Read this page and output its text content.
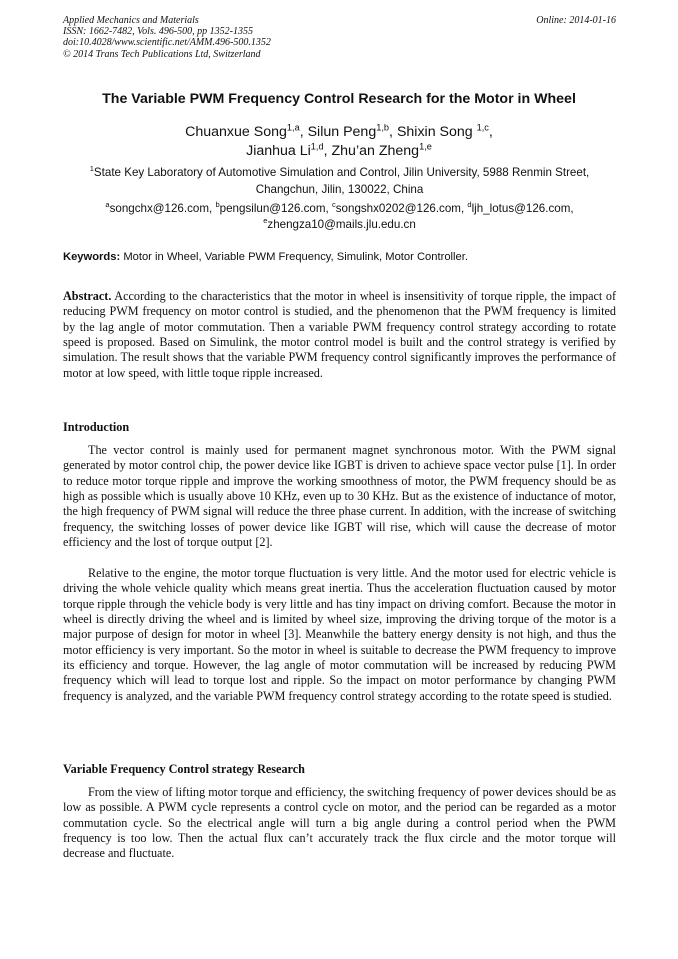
Applied Mechanics and Materials
ISSN: 1662-7482, Vols. 496-500, pp 1352-1355
doi:10.4028/www.scientific.net/AMM.496-500.1352
© 2014 Trans Tech Publications Ltd, Switzerland
Online: 2014-01-16
The Variable PWM Frequency Control Research for the Motor in Wheel
Chuanxue Song$^{1,a}$, Silun Peng$^{1,b}$, Shixin Song $^{1,c}$,
Jianhua Li$^{1,d}$, Zhu’an Zheng$^{1,e}$
$^1$State Key Laboratory of Automotive Simulation and Control, Jilin University, 5988 Renmin Street,
Changchun, Jilin, 130022, China
$^a$songchx@126.com, $^b$pengsilun@126.com, $^c$songshx0202@126.com, $^d$ljh_lotus@126.com,
$^e$zhengza10@mails.jlu.edu.cn
Keywords: Motor in Wheel, Variable PWM Frequency, Simulink, Motor Controller.

Abstract. According to the characteristics that the motor in wheel is insensitivity of torque ripple, the impact of reducing PWM frequency on motor control is studied, and the phenomenon that the PWM frequency is limited by the lag angle of motor commutation. Then a variable PWM frequency control strategy according to rotate speed is proposed. Based on Simulink, the motor control model is built and the control strategy is verified by simulation. The result shows that the variable PWM frequency control significantly improves the performance of motor at low speed, with little toque ripple increased.

Introduction

The vector control is mainly used for permanent magnet synchronous motor. With the PWM signal generated by motor control chip, the power device like IGBT is driven to achieve space vector pulse [1]. In order to reduce motor torque ripple and improve the working smoothness of motor, the PWM frequency should be as high as possible which is usually above 10 KHz, even up to 30 KHz. But as the existence of inductance of motor, the high frequency of PWM signal will reduce the three phase current. In addition, with the increase of switching frequency, the switching losses of power device like IGBT will rise, which will cause the decrease of motor efficiency and the lost of torque output [2].

Relative to the engine, the motor torque fluctuation is very little. And the motor used for electric vehicle is driving the whole vehicle quality which means great inertia. Thus the acceleration fluctuation caused by motor torque ripple through the vehicle body is very little and has tiny impact on driving comfort. Because the motor in wheel is directly driving the wheel and is limited by wheel size, improving the driving torque of the motor is a major purpose of design for motor in wheel [3]. Meanwhile the battery energy density is not high, and thus the motor efficiency is very important. So the motor in wheel is suitable to decrease the PWM frequency to improve its efficiency and torque. However, the lag angle of motor commutation will be increased by reducing PWM frequency which will lead to torque lost and ripple. So the impact on motor performance by changing PWM frequency is analyzed, and the variable PWM frequency control strategy according to the rotate speed is studied.

Variable Frequency Control strategy Research

From the view of lifting motor torque and efficiency, the switching frequency of power devices should be as low as possible. A PWM cycle represents a control cycle on motor, and the period can be regarded as a motor commutation cycle. So the electrical angle will turn a big angle during a control period when the PWM frequency is too low. Then the actual flux can’t accurately track the flux circle and the motor torque will decrease and fluctuate.
